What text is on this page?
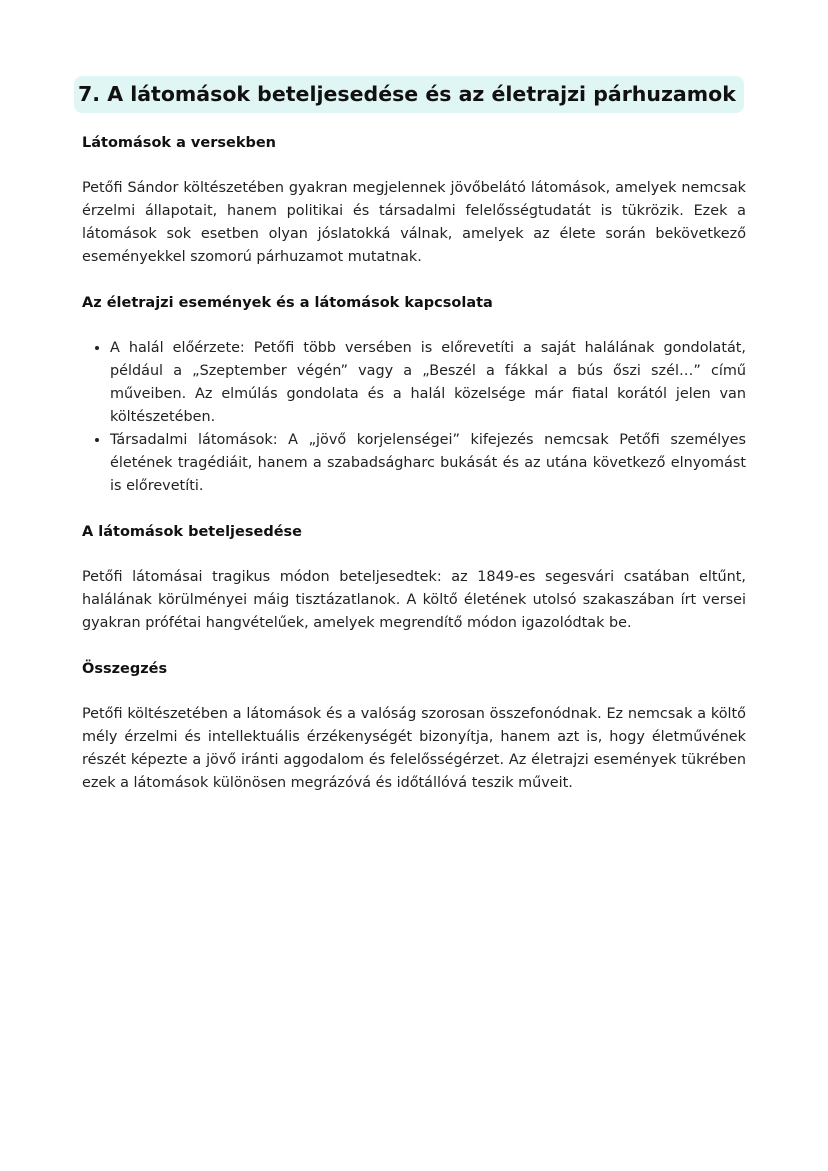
7. A látomások beteljesedése és az életrajzi párhuzamok
Látomások a versekben

Petőfi Sándor költészetében gyakran megjelennek jövőbelátó látomások, amelyek nemcsak érzelmi állapotait, hanem politikai és társadalmi felelősségtudatát is tükrözik. Ezek a látomások sok esetben olyan jóslatokká válnak, amelyek az élete során bekövetkező eseményekkel szomorú párhuzamot mutatnak.

Az életrajzi események és a látomások kapcsolata
• A halál előérzete: Petőfi több versében is előrevetíti a saját halálának gondolatát, például a „Szeptember végén” vagy a „Beszél a fákkal a bús őszi szél…” című műveiben. Az elmúlás gondolata és a halál közelsége már fiatal korától jelen van költészetében.
• Társadalmi látomások: A „jövő korjelenségei” kifejezés nemcsak Petőfi személyes életének tragédiáit, hanem a szabadságharc bukását és az utána következő elnyomást is előrevetíti.
A látomások beteljesedése

Petőfi látomásai tragikus módon beteljesedtek: az 1849-es segesvári csatában eltűnt, halálának körülményei máig tisztázatlanok. A költő életének utolsó szakaszában írt versei gyakran prófétai hangvételűek, amelyek megrendítő módon igazolódtak be.

Összegzés

Petőfi költészetében a látomások és a valóság szorosan összefonódnak. Ez nemcsak a költő mély érzelmi és intellektuális érzékenységét bizonyítja, hanem azt is, hogy életművének részét képezte a jövő iránti aggodalom és felelősségérzet. Az életrajzi események tükrében ezek a látomások különösen megrázóvá és időtállóvá teszik műveit.
